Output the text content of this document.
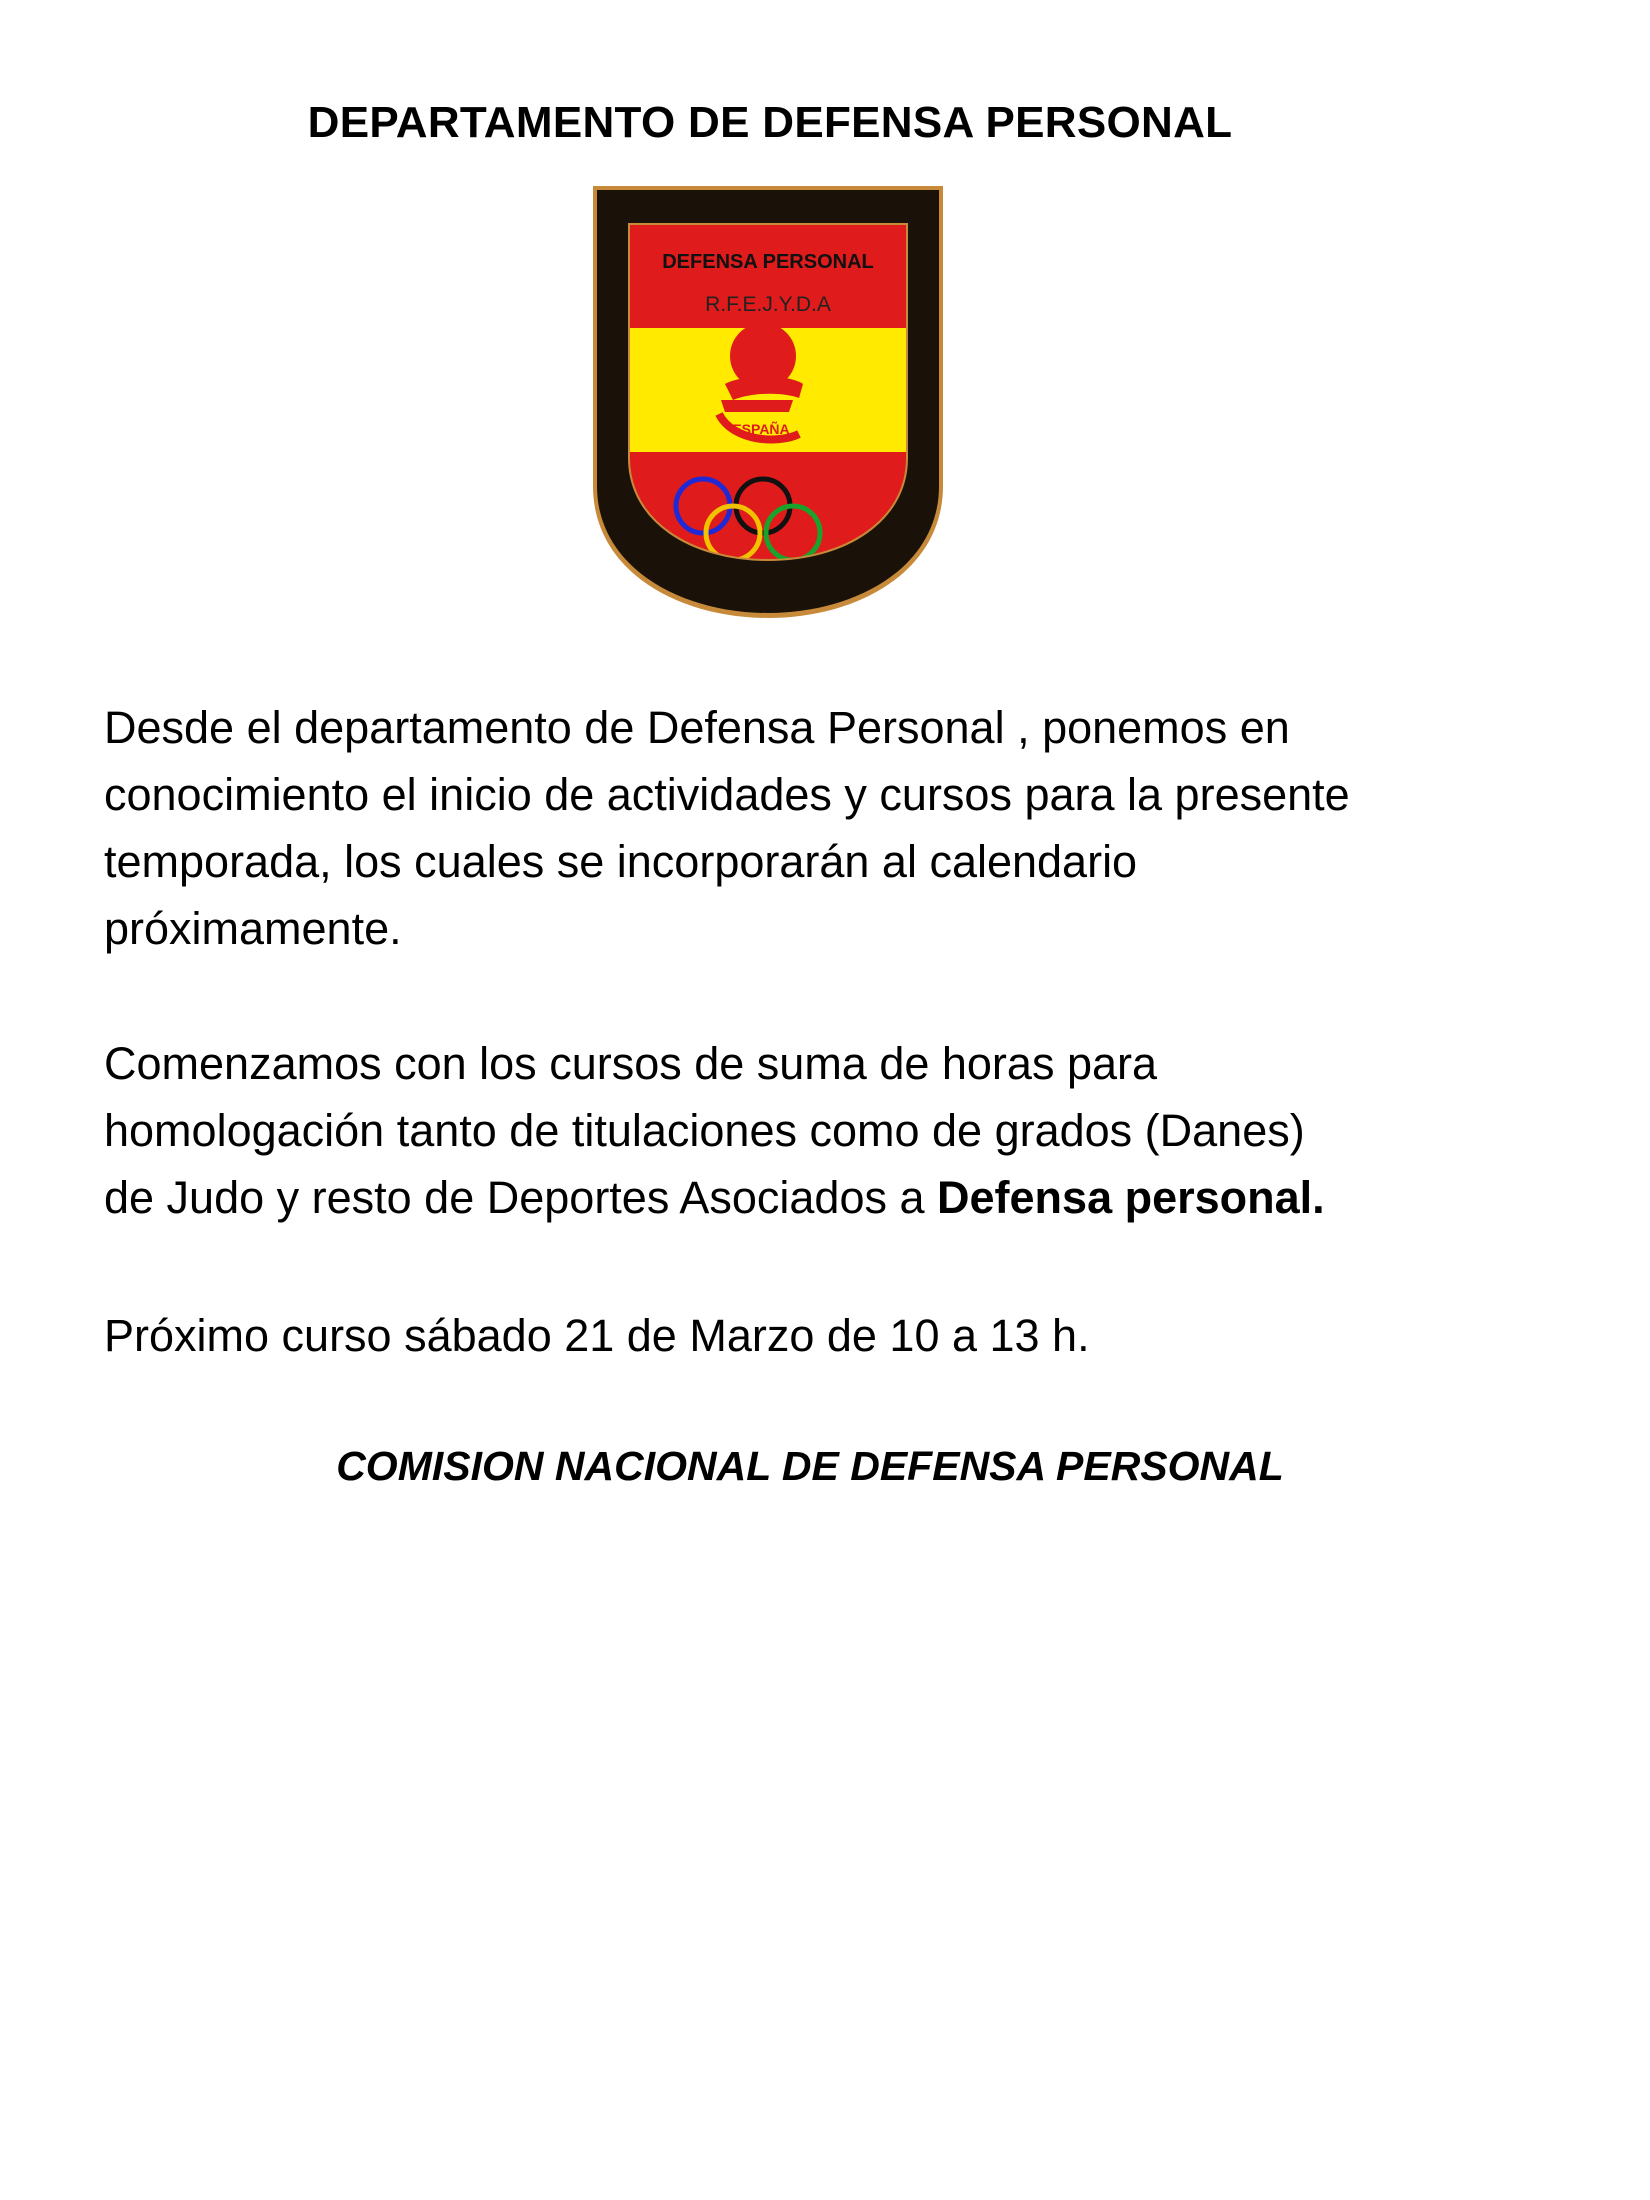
DEPARTAMENTO DE DEFENSA PERSONAL
DEFENSA PERSONAL
R.F.E.J.Y.D.A
ESPAÑA
Desde el departamento de Defensa Personal , ponemos en
conocimiento el inicio de actividades y cursos para la presente
temporada, los cuales se incorporarán al calendario
próximamente.
Comenzamos con los cursos de suma de horas para
homologación tanto de titulaciones como de grados (Danes)
de Judo y resto de Deportes Asociados a Defensa personal.
Próximo curso sábado 21 de Marzo de 10 a 13 h.
COMISION NACIONAL DE DEFENSA PERSONAL
